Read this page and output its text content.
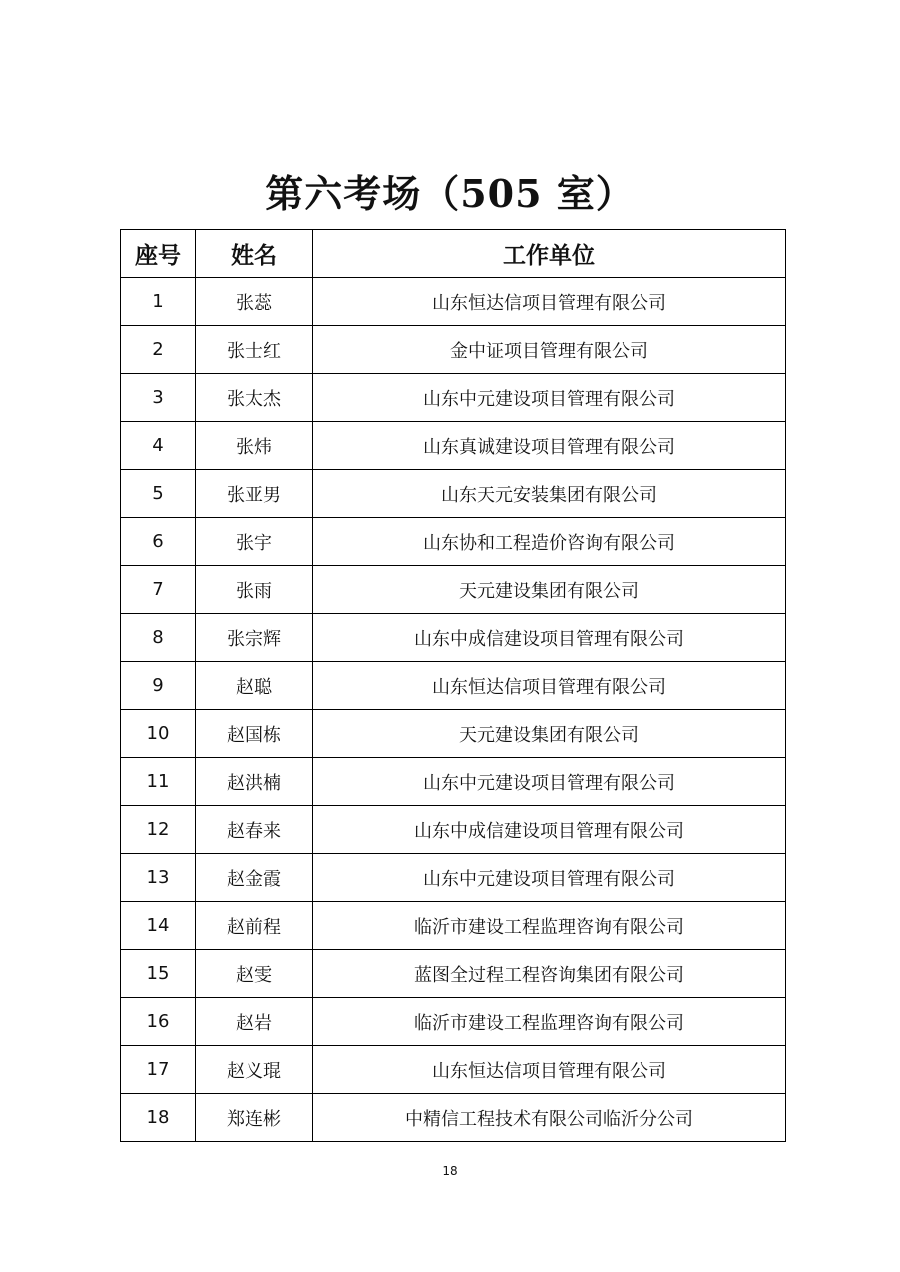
第六考场（505 室）
座号	姓名	工作单位
1	张蕊	山东恒达信项目管理有限公司
2	张士红	金中证项目管理有限公司
3	张太杰	山东中元建设项目管理有限公司
4	张炜	山东真诚建设项目管理有限公司
5	张亚男	山东天元安装集团有限公司
6	张宇	山东协和工程造价咨询有限公司
7	张雨	天元建设集团有限公司
8	张宗辉	山东中成信建设项目管理有限公司
9	赵聪	山东恒达信项目管理有限公司
10	赵国栋	天元建设集团有限公司
11	赵洪楠	山东中元建设项目管理有限公司
12	赵春来	山东中成信建设项目管理有限公司
13	赵金霞	山东中元建设项目管理有限公司
14	赵前程	临沂市建设工程监理咨询有限公司
15	赵雯	蓝图全过程工程咨询集团有限公司
16	赵岩	临沂市建设工程监理咨询有限公司
17	赵义琨	山东恒达信项目管理有限公司
18	郑连彬	中精信工程技术有限公司临沂分公司
18
